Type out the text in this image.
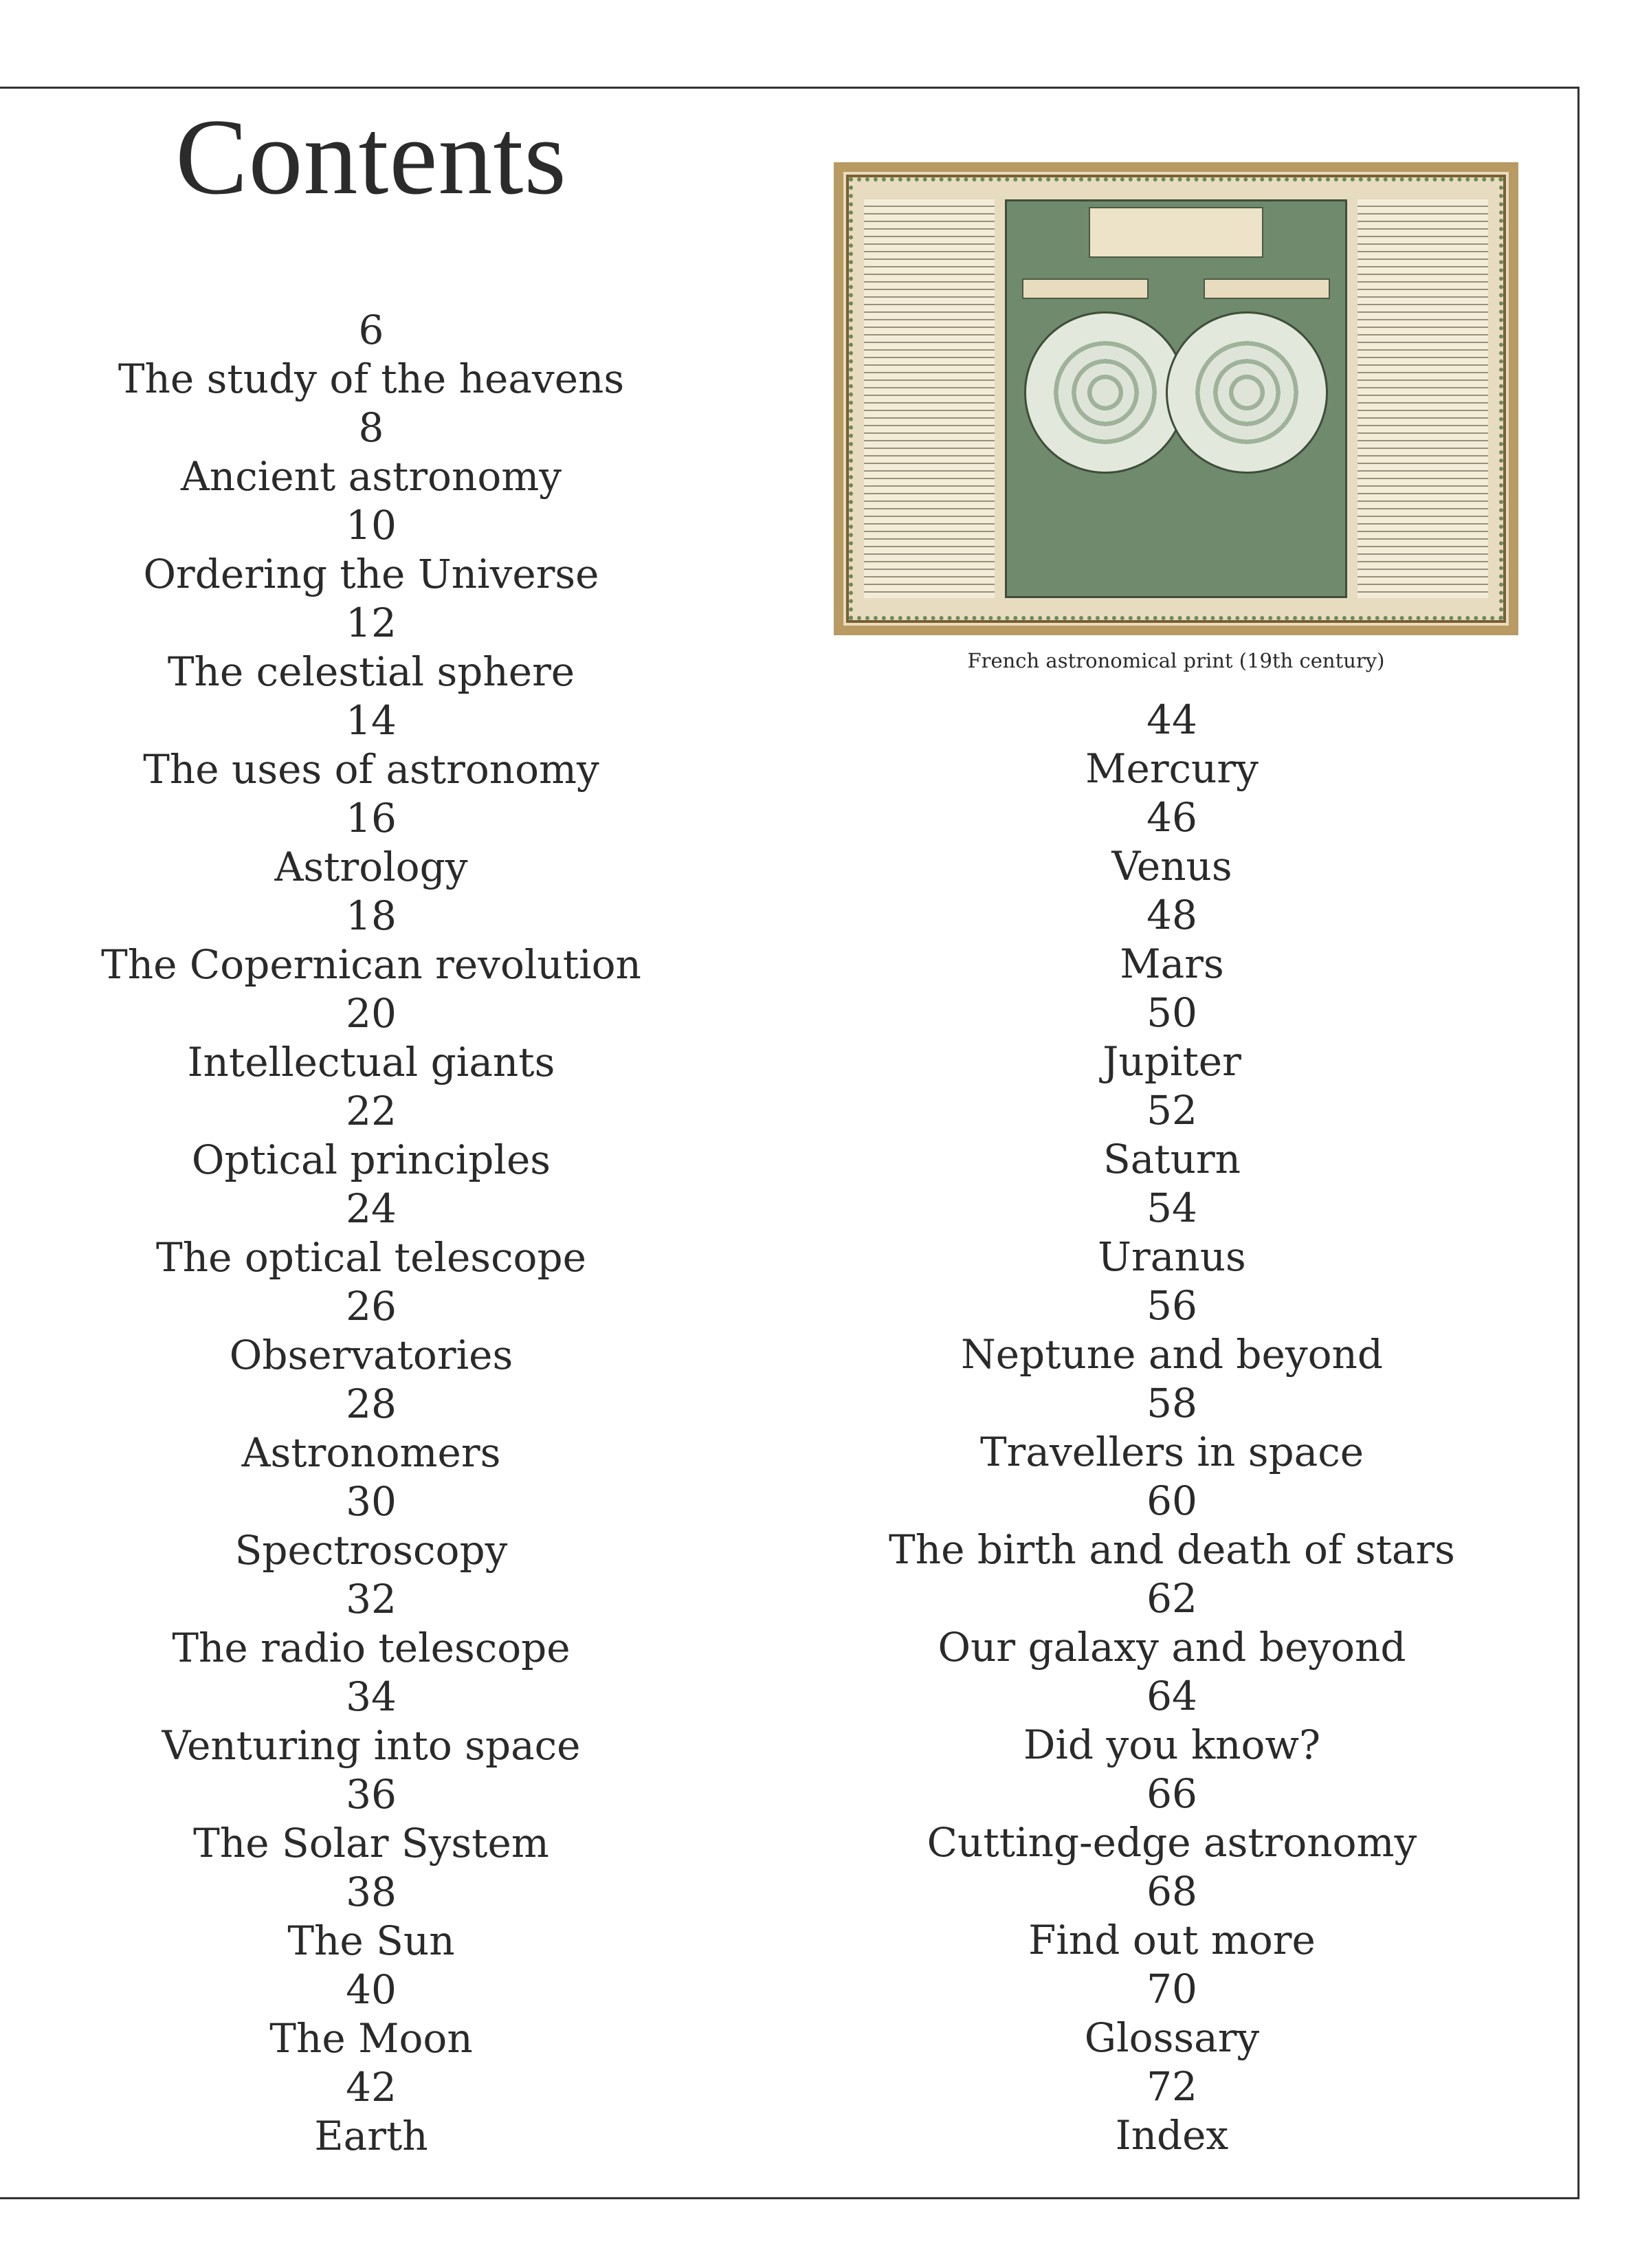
Contents
French astronomical print (19th century)
6
The study of the heavens
8
Ancient astronomy
10
Ordering the Universe
12
The celestial sphere
14
The uses of astronomy
16
Astrology
18
The Copernican revolution
20
Intellectual giants
22
Optical principles
24
The optical telescope
26
Observatories
28
Astronomers
30
Spectroscopy
32
The radio telescope
34
Venturing into space
36
The Solar System
38
The Sun
40
The Moon
42
Earth
44
Mercury
46
Venus
48
Mars
50
Jupiter
52
Saturn
54
Uranus
56
Neptune and beyond
58
Travellers in space
60
The birth and death of stars
62
Our galaxy and beyond
64
Did you know?
66
Cutting-edge astronomy
68
Find out more
70
Glossary
72
Index
